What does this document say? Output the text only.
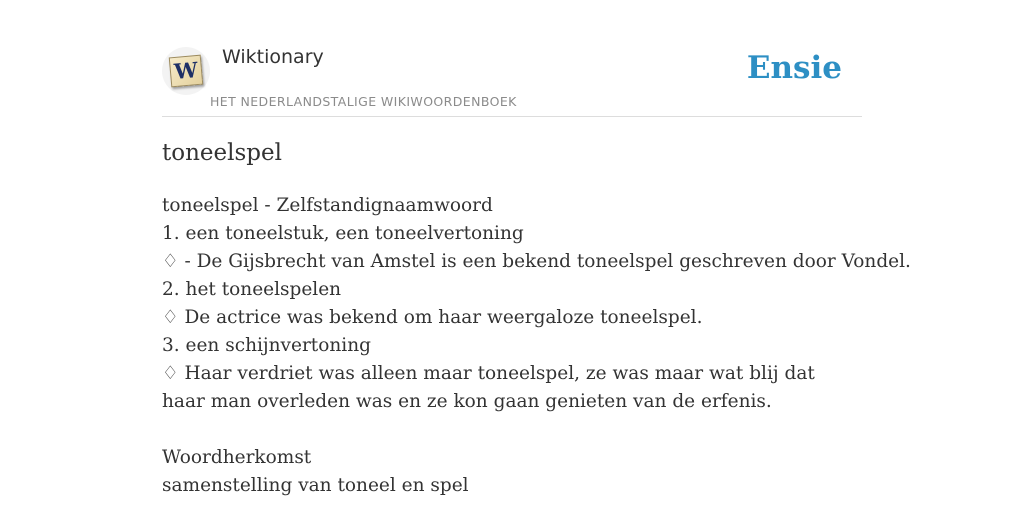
W
Wiktionary
HET NEDERLANDSTALIGE WIKIWOORDENBOEK
Ensie
toneelspel
toneelspel - Zelfstandignaamwoord
1. een toneelstuk, een toneelvertoning
♢ - De Gijsbrecht van Amstel is een bekend toneelspel geschreven door Vondel.
2. het toneelspelen
♢ De actrice was bekend om haar weergaloze toneelspel.
3. een schijnvertoning
♢ Haar verdriet was alleen maar toneelspel, ze was maar wat blij dat haar man overleden was en ze kon gaan genieten van de erfenis.
Woordherkomst
samenstelling van toneel en spel
